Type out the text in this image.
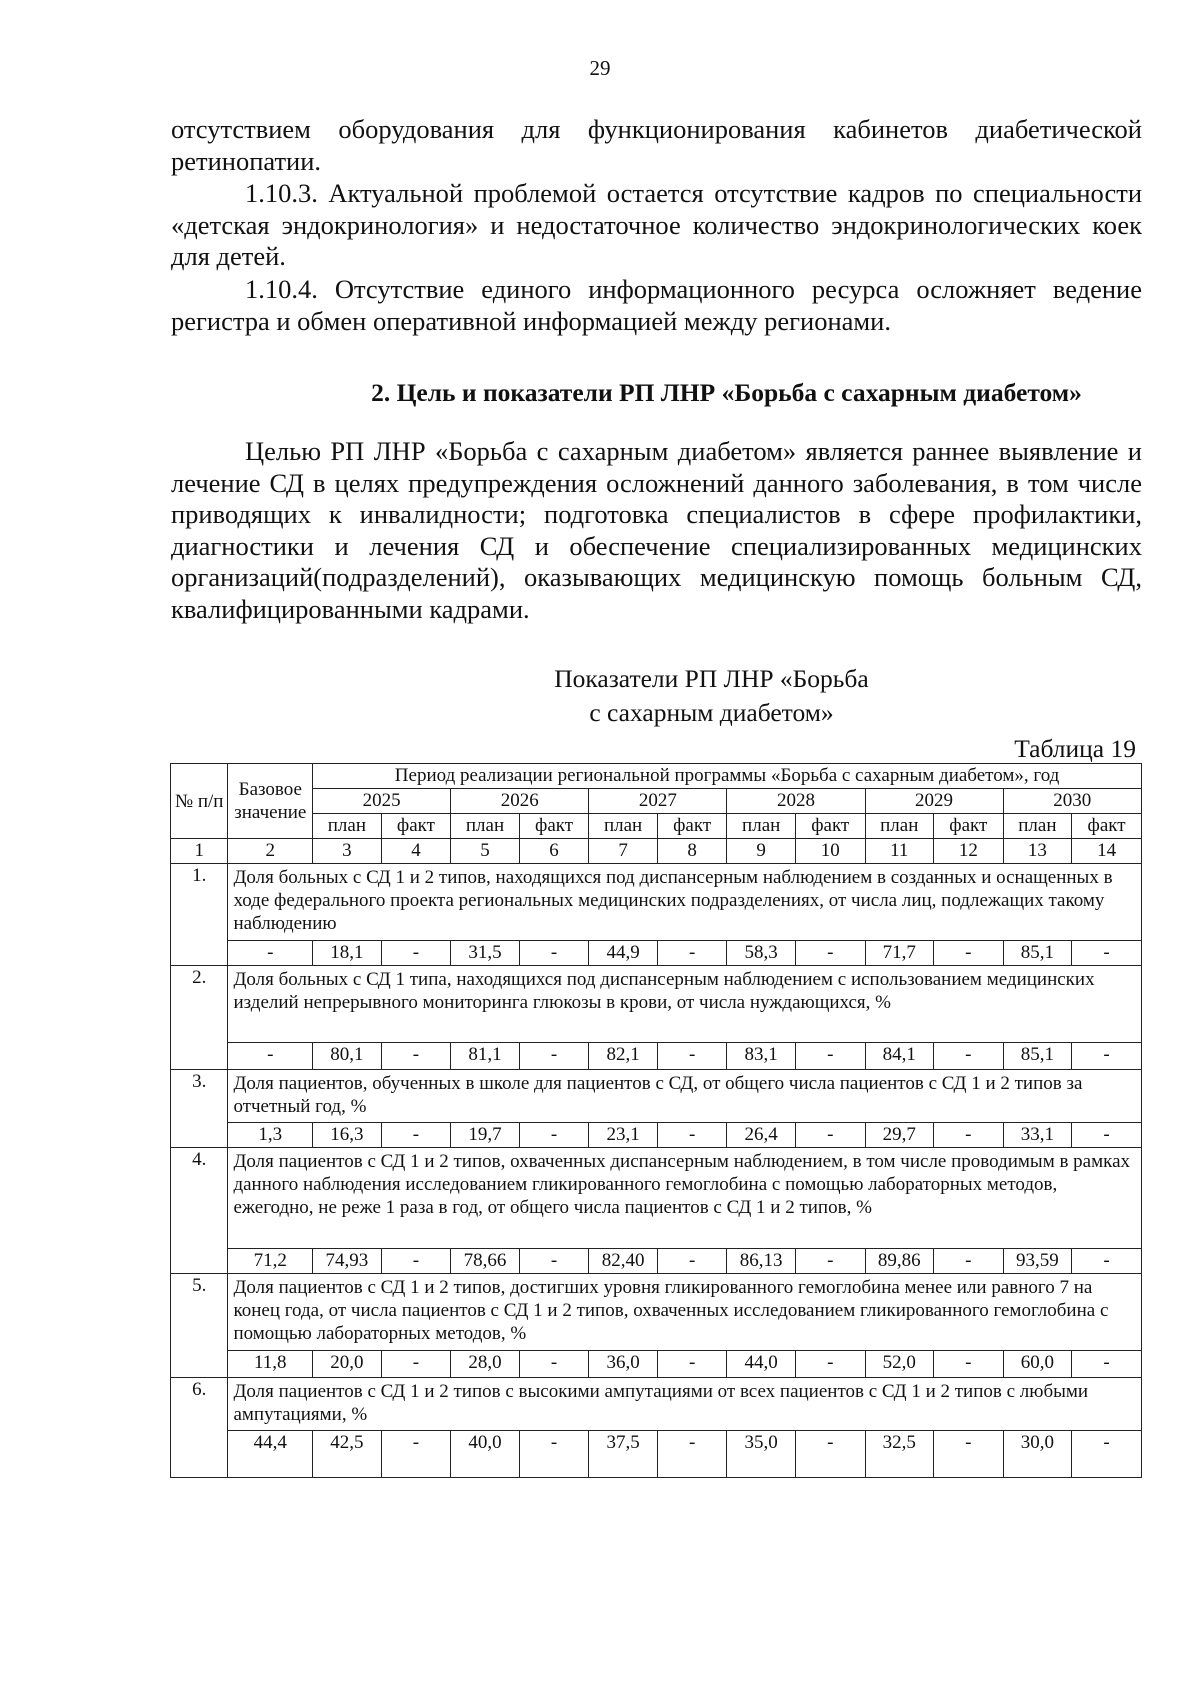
29

отсутствием оборудования для функционирования кабинетов диабетической ретинопатии.

1.10.3. Актуальной проблемой остается отсутствие кадров по специальности «детская эндокринология» и недостаточное количество эндокринологических коек для детей.

1.10.4. Отсутствие единого информационного ресурса осложняет ведение регистра и обмен оперативной информацией между регионами.

2. Цель и показатели РП ЛНР «Борьба с сахарным диабетом»

Целью РП ЛНР «Борьба с сахарным диабетом» является раннее выявление и лечение СД в целях предупреждения осложнений данного заболевания, в том числе приводящих к инвалидности; подготовка специалистов в сфере профилактики, диагностики и лечения СД и обеспечение специализированных медицинских организаций(подразделений), оказывающих медицинскую помощь больным СД, квалифицированными кадрами.

Показатели РП ЛНР «Борьба

с сахарным диабетом»

Таблица 19
№ п/п	Базовое значение	Период реализации региональной программы «Борьба с сахарным диабетом», год											
		2025		2026		2027		2028		2029		2030	
		план	факт	план	факт	план	факт	план	факт	план	факт	план	факт
1	2	3	4	5	6	7	8	9	10	11	12	13	14
1.	Доля больных с СД 1 и 2 типов, находящихся под диспансерным наблюдением в созданных и оснащенных в ходе федерального проекта региональных медицинских подразделениях, от числа лиц, подлежащих такому наблюдению												
	-	18,1	-	31,5	-	44,9	-	58,3	-	71,7	-	85,1	-
2.	Доля больных с СД 1 типа, находящихся под диспансерным наблюдением с использованием медицинских изделий непрерывного мониторинга глюкозы в крови, от числа нуждающихся, %												
	-	80,1	-	81,1	-	82,1	-	83,1	-	84,1	-	85,1	-
3.	Доля пациентов, обученных в школе для пациентов с СД, от общего числа пациентов с СД 1 и 2 типов за отчетный год, %												
	1,3	16,3	-	19,7	-	23,1	-	26,4	-	29,7	-	33,1	-
4.	Доля пациентов с СД 1 и 2 типов, охваченных диспансерным наблюдением, в том числе проводимым в рамках данного наблюдения исследованием гликированного гемоглобина с помощью лабораторных методов, ежегодно, не реже 1 раза в год, от общего числа пациентов с СД 1 и 2 типов, %												
	71,2	74,93	-	78,66	-	82,40	-	86,13	-	89,86	-	93,59	-
5.	Доля пациентов с СД 1 и 2 типов, достигших уровня гликированного гемоглобина менее или равного 7 на конец года, от числа пациентов с СД 1 и 2 типов, охваченных исследованием гликированного гемоглобина с помощью лабораторных методов, %												
	11,8	20,0	-	28,0	-	36,0	-	44,0	-	52,0	-	60,0	-
6.	Доля пациентов с СД 1 и 2 типов с высокими ампутациями от всех пациентов с СД 1 и 2 типов с любыми ампутациями, %												
	44,4	42,5	-	40,0	-	37,5	-	35,0	-	32,5	-	30,0	-
